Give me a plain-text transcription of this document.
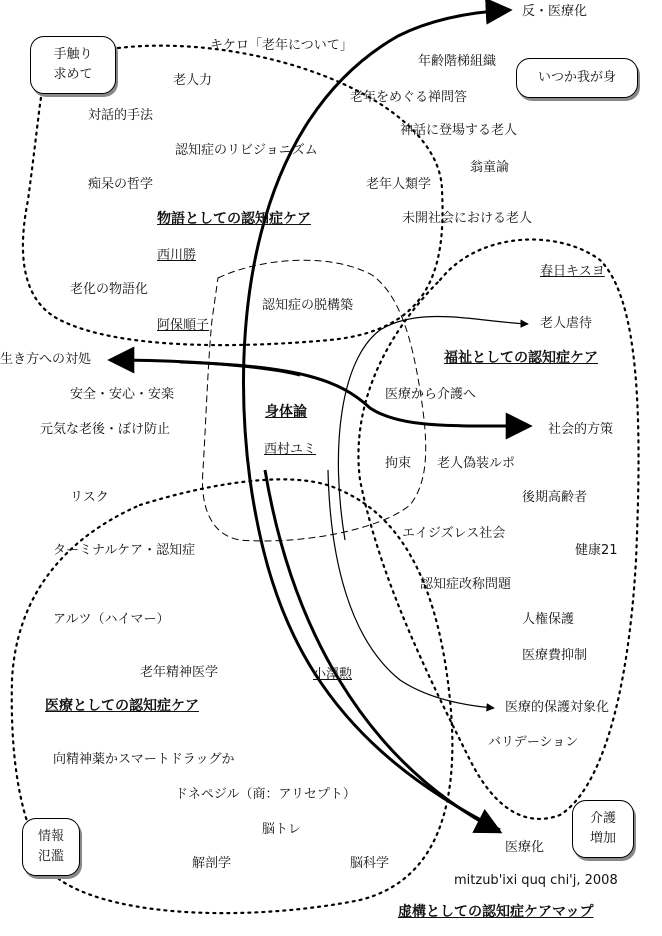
手触り
求めて	いつか我が身
情報
氾濫
介護
増加
反・医療化
医療化
生き方への対処
社会的方策
物語としての認知症ケア
福祉としての認知症ケア
身体論
医療としての認知症ケア
西川勝
阿保順子
西村ユミ
春日キスヨ
小澤勲
キケロ「老年について」
年齢階梯組織
老人力
老年をめぐる禅問答
対話的手法
神話に登場する老人
認知症のリビジョニズム
翁童論
痴呆の哲学	老年人類学
未開社会における老人
老化の物語化
認知症の脱構築
老人虐待
医療から介護へ
安全・安心・安楽
元気な老後・ぼけ防止
拘束 老人偽装ルポ
後期高齢者
リスク
エイジズレス社会
ターミナルケア・認知症	健康21
認知症改称問題
アルツ（ハイマー）	人権保護
医療費抑制
老年精神医学
医療的保護対象化
バリデーション
向精神薬かスマートドラッグか
ドネペジル（商：アリセプト）
脳トレ
解剖学	脳科学
mitzub'ixi quq chi'j, 2008
虚構としての認知症ケアマップ
